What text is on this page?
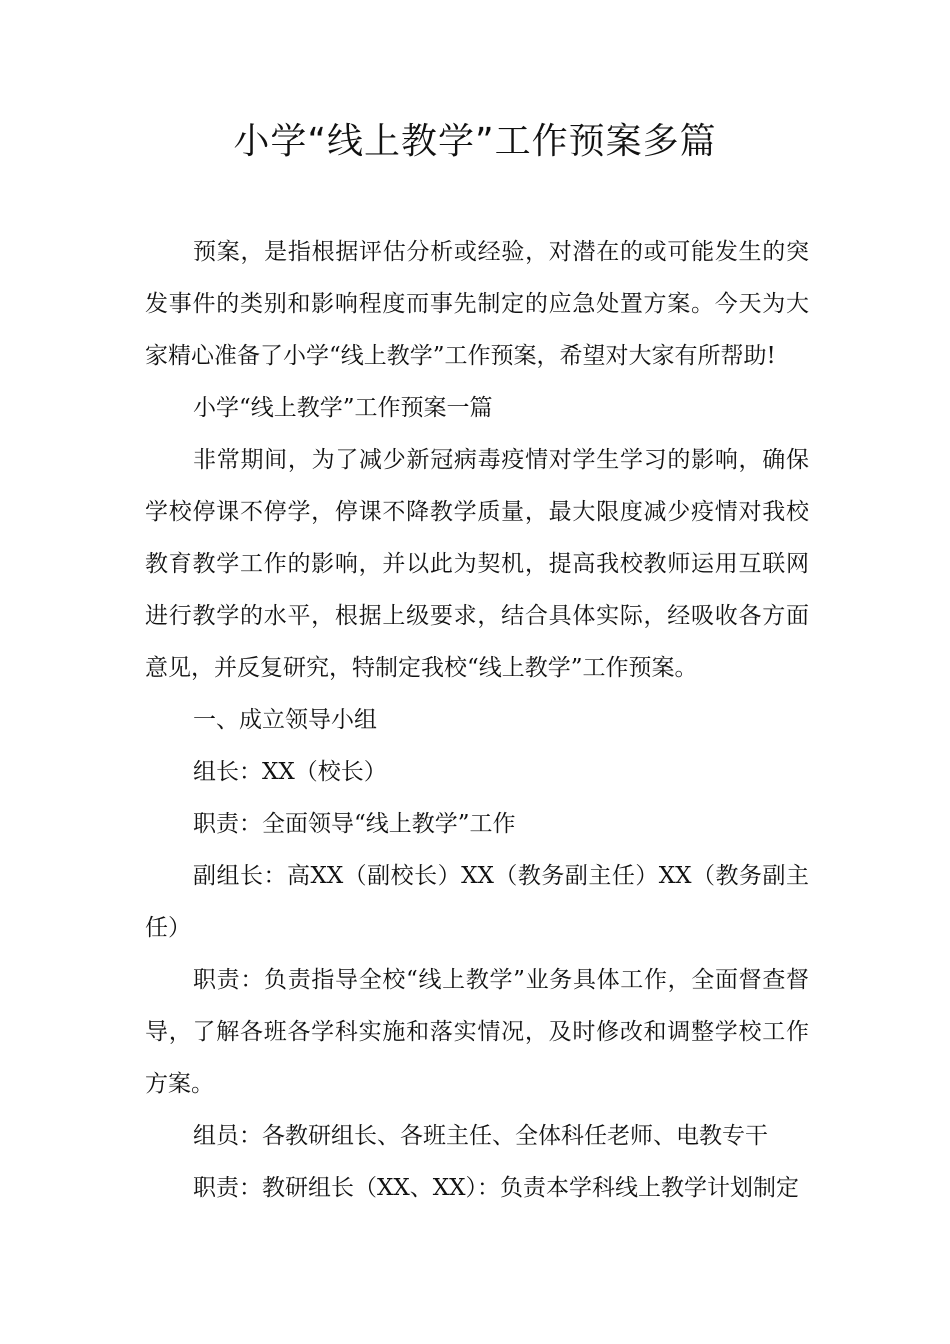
小学“线上教学”工作预案多篇

预案，是指根据评估分析或经验，对潜在的或可能发生的突发事件的类别和影响程度而事先制定的应急处置方案。今天为大家精心准备了小学“线上教学”工作预案，希望对大家有所帮助!

小学“线上教学”工作预案一篇

非常期间，为了减少新冠病毒疫情对学生学习的影响，确保学校停课不停学，停课不降教学质量，最大限度减少疫情对我校教育教学工作的影响，并以此为契机，提高我校教师运用互联网进行教学的水平，根据上级要求，结合具体实际，经吸收各方面意见，并反复研究，特制定我校“线上教学”工作预案。

一、成立领导小组

组长：XX（校长）

职责：全面领导“线上教学”工作

副组长：高XX（副校长）XX（教务副主任）XX（教务副主任）

职责：负责指导全校“线上教学”业务具体工作，全面督查督导，了解各班各学科实施和落实情况，及时修改和调整学校工作方案。

组员：各教研组长、各班主任、全体科任老师、电教专干

职责：教研组长（XX、XX）：负责本学科线上教学计划制定
